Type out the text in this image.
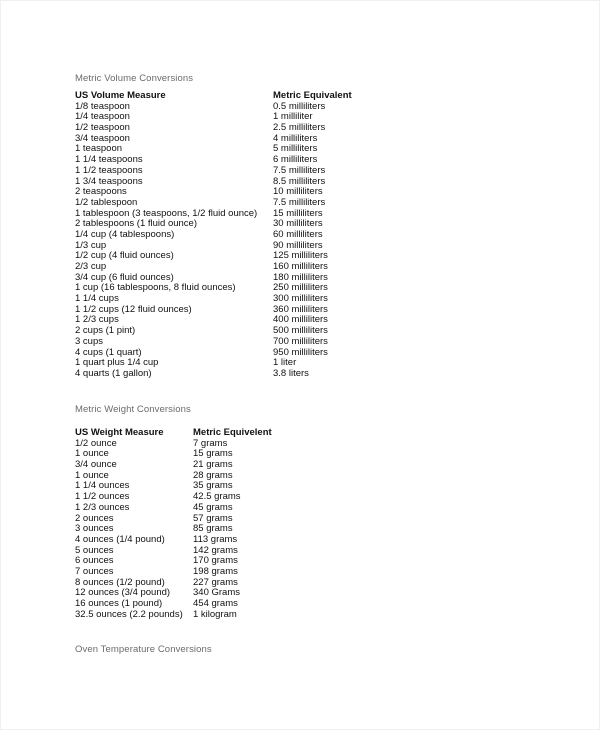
Metric Volume Conversions
US Volume Measure	Metric Equivalent
1/8 teaspoon	0.5 milliliters
1/4 teaspoon	1 milliliter
1/2 teaspoon	2.5 milliliters
3/4 teaspoon	4 milliliters
1 teaspoon	5 milliliters
1 1/4 teaspoons	6 milliliters
1 1/2 teaspoons	7.5 milliliters
1 3/4 teaspoons	8.5 milliliters
2 teaspoons	10 milliliters
1/2 tablespoon	7.5 milliliters
1 tablespoon (3 teaspoons, 1/2 fluid ounce)	15 milliliters
2 tablespoons (1 fluid ounce)	30 milliliters
1/4 cup (4 tablespoons)	60 milliliters
1/3 cup	90 milliliters
1/2 cup (4 fluid ounces)	125 milliliters
2/3 cup	160 milliliters
3/4 cup (6 fluid ounces)	180 milliliters
1 cup (16 tablespoons, 8 fluid ounces)	250 milliliters
1 1/4 cups	300 milliliters
1 1/2 cups (12 fluid ounces)	360 milliliters
1 2/3 cups	400 milliliters
2 cups (1 pint)	500 milliliters
3 cups	700 milliliters
4 cups (1 quart)	950 milliliters
1 quart plus 1/4 cup	1 liter
4 quarts (1 gallon)	3.8 liters
Metric Weight Conversions
US Weight Measure	Metric Equivelent
1/2 ounce	7 grams
1 ounce	15 grams
3/4 ounce	21 grams
1 ounce	28 grams
1 1/4 ounces	35 grams
1 1/2 ounces	42.5 grams
1 2/3 ounces	45 grams
2 ounces	57 grams
3 ounces	85 grams
4 ounces (1/4 pound)	113 grams
5 ounces	142 grams
6 ounces	170 grams
7 ounces	198 grams
8 ounces (1/2 pound)	227 grams
12 ounces (3/4 pound)	340 Grams
16 ounces (1 pound)	454 grams
32.5 ounces (2.2 pounds)	1 kilogram
Oven Temperature Conversions
